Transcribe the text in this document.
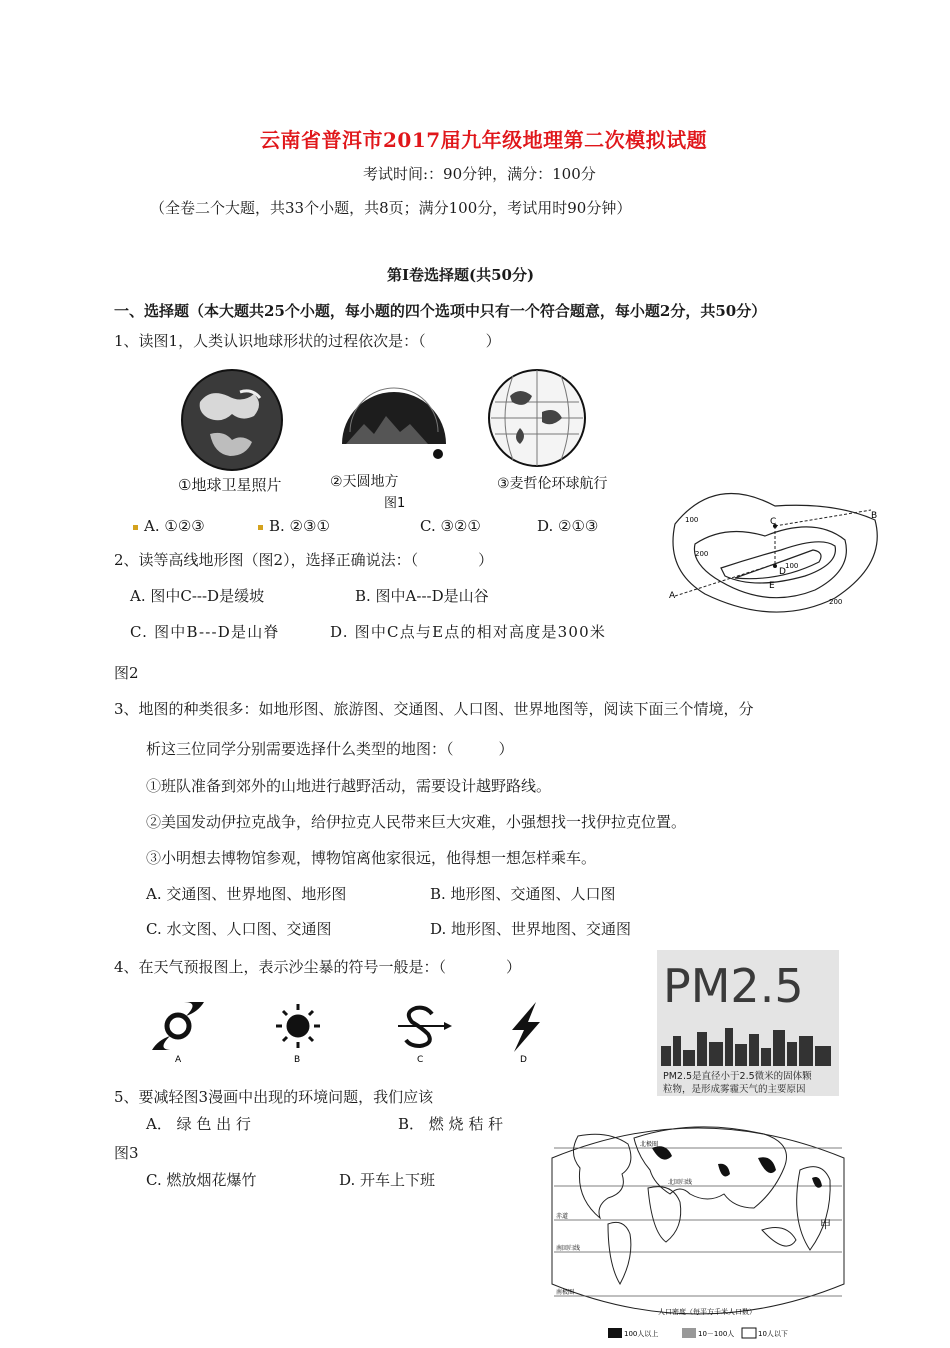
云南省普洱市2017届九年级地理第二次模拟试题
考试时间:：90分钟，满分：100分
（全卷二个大题，共33个小题，共8页；满分100分，考试用时90分钟）
第Ⅰ卷选择题(共50分)
一、选择题（本大题共25个小题，每小题的四个选项中只有一个符合题意，每小题2分，共50分）
1、读图1，人类认识地球形状的过程依次是：（　　　　）
①地球卫星照片	②天圆地方	③麦哲伦环球航行
图1
A. ①②③	B. ②③①	C. ③②①	D. ②①③	C
B
A
D
E
100
200
100
200
2、读等高线地形图（图2），选择正确说法：（　　　　）
A. 图中C---D是缓坡	B. 图中A---D是山谷
C. 图中B---D是山脊	D. 图中C点与E点的相对高度是300米
图2
3、地图的种类很多：如地形图、旅游图、交通图、人口图、世界地图等，阅读下面三个情境，分
析这三位同学分别需要选择什么类型的地图：（　　　）
①班队准备到郊外的山地进行越野活动，需要设计越野路线。
②美国发动伊拉克战争，给伊拉克人民带来巨大灾难，小强想找一找伊拉克位置。
③小明想去博物馆参观，博物馆离他家很远，他得想一想怎样乘车。
A. 交通图、世界地图、地形图	B. 地形图、交通图、人口图
C. 水文图、人口图、交通图	D. 地形图、世界地图、交通图
4、在天气预报图上，表示沙尘暴的符号一般是：（　　　　）
A	B	C	D
PM2.5
PM2.5是直径小于2.5微米的固体颗
粒物，是形成雾霾天气的主要原因
5、要减轻图3漫画中出现的环境问题，我们应该
A． 绿 色 出 行	B． 燃 烧 秸 秆
图3
C. 燃放烟花爆竹	D. 开车上下班
北极圈
北回归线
赤道
南回归线
南极圈
甲
人口密度（每平方千米人口数）
100人以上	10－100人	10人以下
